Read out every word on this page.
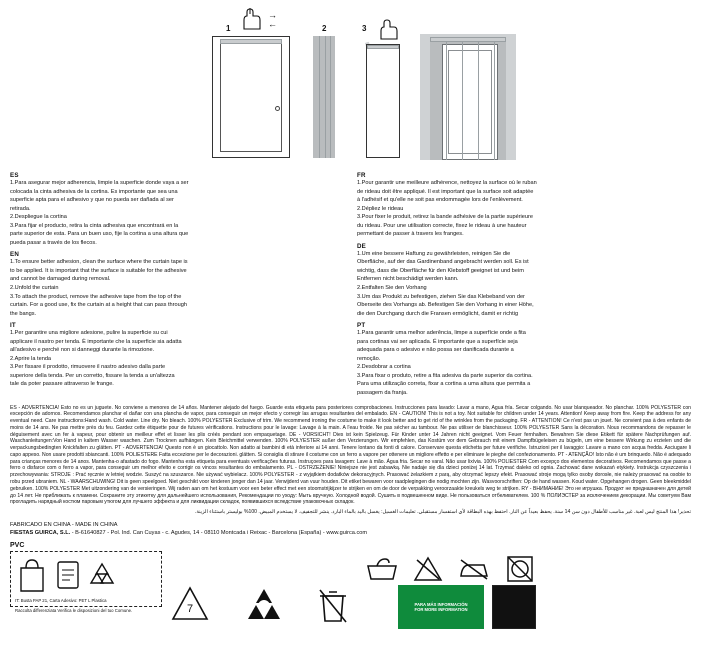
→
←
1	2	3
ES

1.Para asegurar mejor adherencia, limpie la superficie donde vaya a ser

colocada la cinta adhesiva de la cortina. Es importante que sea una

superficie apta para el adhesivo y que no pueda ser dañada al ser

retirada.

2.Despliegue la cortina

3.Para fijar el producto, retira la cinta adhesiva que encontrará en la

parte superior de esta. Para un buen uso, fije la cortina a una altura que

pueda pasar a través de los flecos.

EN

1.To ensure better adhesion, clean the surface where the curtain tape is

to be applied. It is important that the surface is suitable for the adhesive

and cannot be damaged during removal.

2.Unfold the curtain

3.To attach the product, remove the adhesive tape from the top of the

curtain. For a good use, fix the curtain at a height that can pass through

the bangs.

IT

1.Per garantire una migliore adesione, pulire la superficie su cui

applicare il nastro per tenda. È importante che la superficie sia adatta

all'adesivo e perché non si danneggi durante la rimozione.

2.Aprire la tenda

3.Per fissare il prodotto, rimuovere il nastro adesivo dalla parte

superiore della tenda. Per un corretto, fissare la tenda a un'altezza

tale da poter passare attraverso le frange.

FR

1.Pour garantir une meilleure adhérence, nettoyez la surface où le ruban

de rideau doit être appliqué. Il est important que la surface soit adaptée

à l'adhésif et qu'elle ne soit pas endommagée lors de l'enlèvement.

2.Dépliez le rideau

3.Pour fixer le produit, retirez la bande adhésive de la partie supérieure

du rideau. Pour une utilisation correcte, fixez le rideau à une hauteur

permettant de passer à travers les franges.

DE

1.Um eine bessere Haftung zu gewährleisten, reinigen Sie die

Oberfläche, auf der das Gardinenband angebracht werden soll. Es ist

wichtig, dass die Oberfläche für den Klebstoff geeignet ist und beim

Entfernen nicht beschädigt werden kann.

2.Entfalten Sie den Vorhang

3.Um das Produkt zu befestigen, ziehen Sie das Klebeband von der

Oberseite des Vorhangs ab. Befestigen Sie den Vorhang in einer Höhe,

die den Durchgang durch die Fransen ermöglicht, damit er richtig

PT

1.Para garantir uma melhor aderência, limpe a superfície onde a fita

para cortinas vai ser aplicada. É importante que a superfície seja

adequada para o adesivo e não possa ser danificada durante a

remoção.

2.Desdobrar a cortina

3.Para fixar o produto, retire a fita adesiva da parte superior da cortina.

Para uma utilização correta, fixar a cortina a uma altura que permita a

passagem da franja.

ES - ADVERTENCIA! Esto no es un juguete. No conviene a menores de 14 años. Mantener alejado del fuego. Guarde esta etiqueta para posteriores comprobaciones. Instrucciones para lavado: Lavar a mano, Agua fría. Secar colgando. No usar blanqueador. No planchar. 100% POLYESTER con excepción de adornos. Recomendamos planchar el dañar con una plancha de vapor, para conseguir un mejor efecto y corregir las arrugas resultantes del embalado. EN - CAUTION! This is not a toy. Not suitable for children under 14 years. Attention! Keep away from fire. Keep the address for any eventual need. Care instructions:Hand wash. Cold water. Line dry. No bleach. 100% POLYESTER Exclusive of trim. We recommend ironing the costume to make it look better and to get rid of the wrinkles from the packaging. FR - ATTENTION! Ce n'est pas un jouet. Ne convient pas à des enfants de moins de 14 ans. Ne pas mettre près du feu. Gardez cette étiquette pour de futures vérifications. Instructions pour le lavage: Lavage à la main. A l'eau froide. Ne pas sécher au tambour. Ne pas utiliser de blanchisseur. 100% POLYESTER Sans la décoration. Nous recommandons de repasser le déguisement avec un fer à vapeur, pour obtenir un meilleur effet et lisser les plis créés pendant son empaquetage. DE - VORSICHT! Dies ist kein Spielzeug. Für Kinder unter 14 Jahren nicht geeignet. Vom Feuer fernhalten. Bewahren Sie diese Etikett für spätere Nachprüfungen auf. Waschanleitungen:Von Hand in kaltem Wasser waschen. Zum Trocknen aufhängen. Kein Bleichmittel verwenden. 100% POLYESTER außer den Verzierungen. Wir empfehlen, das Kostüm vor dem Gebrauch mit einem Dampfbügeleisen zu bügeln, um eine bessere Wirkung zu erzielen und die verpackungsbedingten Knickfalten zu glätten. PT - ADVERTENCIA! Questo non è un giocattolo. Non adatto ai bambini di età inferiore ai 14 anni. Tenere lontano da fonti di calore. Conservare questa etichetta per future verifiche. Istruzioni per il lavaggio: Lavare a mano con acqua fredda. Asciugare li capo appeso. Non usare prodotti sbiancanti. 100% POLIESTERE Fatta eccezione per le decorazioni. glätten. Si consiglia di stirare il costume con un ferro a vapore per ottenere un migliore effetto e per eliminare le pieghe del confezionamento. PT - ATENÇÃO! Isto não é um brinquedo. Não é adequado para crianças menores de 14 anos. Mantenha-o afastado do fogo. Mantenha esta etiqueta para eventuais verificações futuras. Instruçoes para lavagem: Lave à mão. Água fria. Secar no varal. Não usar lixívia. 100% POLIESTER Com excepço dos elementos decorativos. Recomendamos que passe a ferro o disfarce com o ferro a vapor, para conseguir um melhor efeito e corrigir os vincos resultantes do embalamento. PL - OSTRZEŻENIE! Niniejsze nie jest zabawką. Nie nadaje się dla dzieci poniżej 14 lat. Trzymać daleko od ognia. Zachować dane wskazań etykiety. Instrukcja czyszczenia i przechowywania: STROJE : Prać ręcznie w letniej wodzie. Suszyć na szuszarce. Nie używać wybielacz. 100% POLYESTER - z wyjątkiem dodatków dekoracyjnych. Prasować żelazkiem z parą, aby otrzymać lepszy efekt. Prasować stroje mogą tylko osoby dorosłe, nie należy prasować na osobie to robu przed ubraniem. NL - WAARSCHUWING! Dit is geen speelgoed. Niet geschikt voor kinderen jonger dan 14 jaar. Verwijderd van vuur houden. Dit etiket bewaren voor raadplegingen die nodig mochten zijn. Wasvoorschriften: Op de hand wassen. Koud water. Opgehangen drogen. Geen bleekmiddel gebruiken. 100% POLYESTER Met uitzondering van de versieringen. Wij raden aan om het kostuum voor een beter effect met een stoomstrijkijzer te strijken en om de door de verpakking veroorzaakte kreukels weg te strijken. RY - ВНИМАНИЕ! Это не игрушка. Продукт не предназначен для детей до 14 лет. Не приближать к пламени. Сохраните эту этикетку для дальнейшего использования, Рекомендации по уходу: Мыть вручную. Холодной водой. Сушить в подвешенном виде. Не пользоваться отбеливателем. 100 % ПОЛИЭСТЕР за исключением декорации. Мы советуем Вам прогладить нарядный костюм паровым утюгом для лучшего эффекта и для ликвидации складок, появившихся вследствие упаковочных складок.
تحذير! هذا المنتج ليس لعبة. غير مناسب للأطفال دون سن 14 سنة. يحفظ بعيداً عن النار. احتفظ بهذه البطاقة لأي استفسار مستقبلي. تعليمات الغسيل: يغسل باليد بالماء البارد. ينشر للتجفيف. لا يستخدم المبيض. 100% بوليستر باستثناء الزينة.
FABRICADO EN CHINA - MADE IN CHINA
FIESTAS GUIRCA, S.L. - B-61640827 - Pol. Ind. Can Cuyas - c. Agudes, 14 - 08110 Montcada i Reixac - Barcelona (España) - www.guirca.com
PVC
IT: Busta PAP 21, Carta Adesivo: PET L Plastica
Raccolta differenziata Verifica le disposizioni del tuo Comune.	7	PARA MÁS INFORMACIÓN
FOR MORE INFORMATION
